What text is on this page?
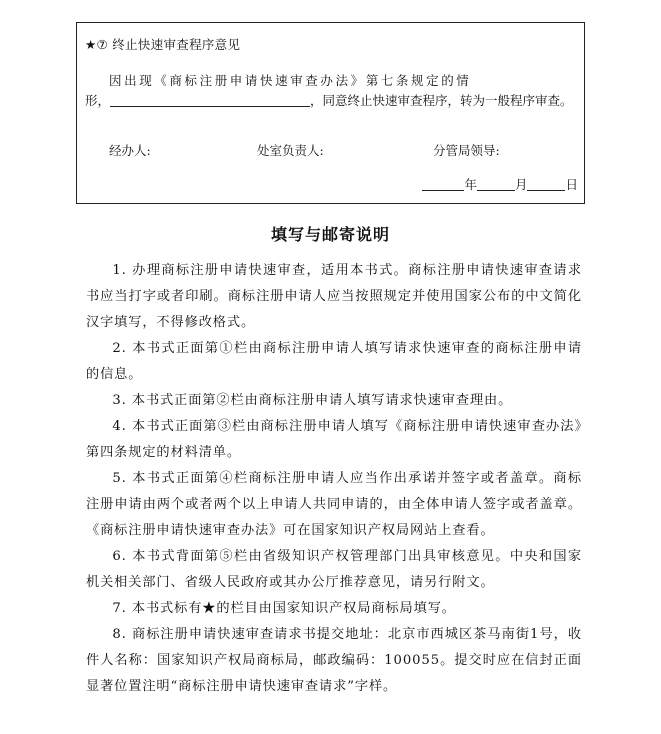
★⑦ 终止快速审查程序意见
因出现《商标注册申请快速审查办法》第七条规定的情
形，	，同意终止快速审查程序，转为一般程序审查。
经办人:	处室负责人:	分管局领导:
年	月	日
填写与邮寄说明

1. 办理商标注册申请快速审查，适用本书式。商标注册申请快速审查请求书应当打字或者印刷。商标注册申请人应当按照规定并使用国家公布的中文简化汉字填写，不得修改格式。

2. 本书式正面第①栏由商标注册申请人填写请求快速审查的商标注册申请的信息。

3. 本书式正面第②栏由商标注册申请人填写请求快速审查理由。

4. 本书式正面第③栏由商标注册申请人填写《商标注册申请快速审查办法》第四条规定的材料清单。

5. 本书式正面第④栏商标注册申请人应当作出承诺并签字或者盖章。商标注册申请由两个或者两个以上申请人共同申请的，由全体申请人签字或者盖章。《商标注册申请快速审查办法》可在国家知识产权局网站上查看。

6. 本书式背面第⑤栏由省级知识产权管理部门出具审核意见。中央和国家机关相关部门、省级人民政府或其办公厅推荐意见，请另行附文。

7. 本书式标有★的栏目由国家知识产权局商标局填写。

8. 商标注册申请快速审查请求书提交地址：北京市西城区茶马南街1号，收件人名称：国家知识产权局商标局，邮政编码：100055。提交时应在信封正面显著位置注明“商标注册申请快速审查请求”字样。
